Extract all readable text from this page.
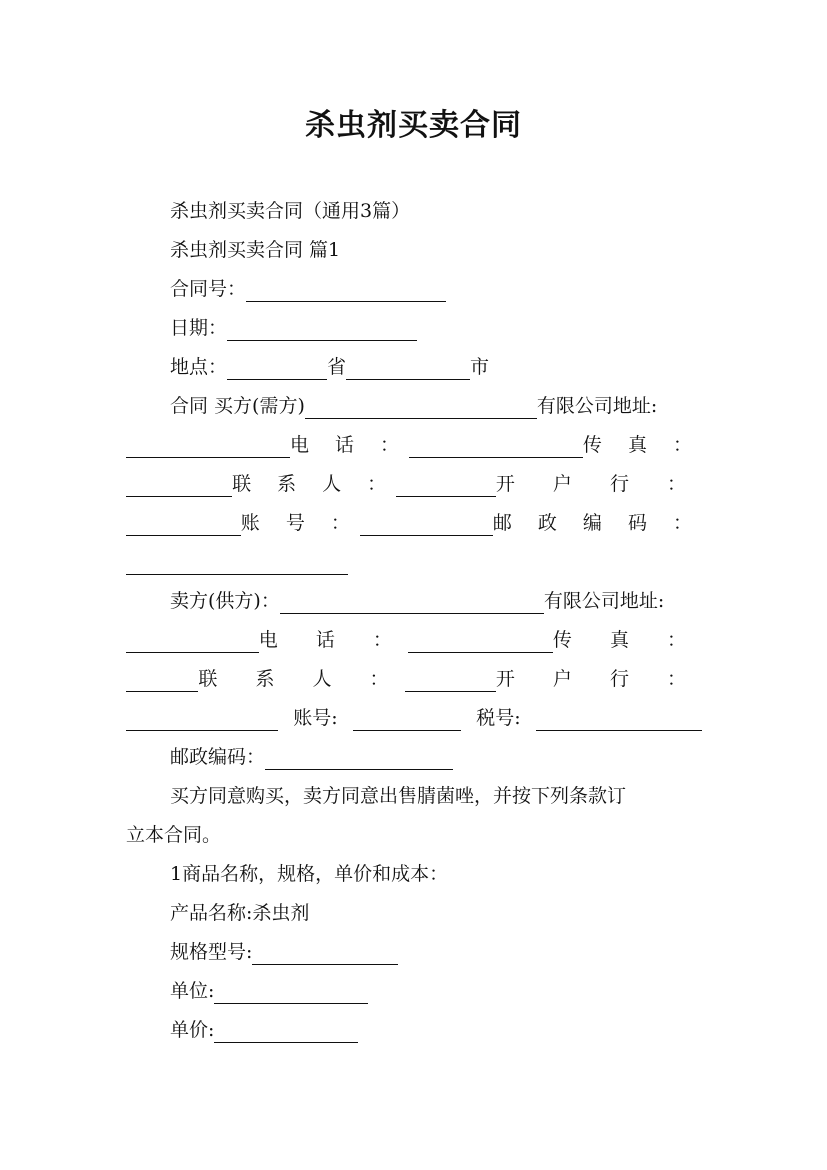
杀虫剂买卖合同
杀虫剂买卖合同（通用3篇）
杀虫剂买卖合同 篇1
合同号：
日期：
地点：	省	市
合同 买方(需方)	有限公司地址:
电 话 ：	传 真 ：
联 系 人 ：	开 户 行 ：
账 号 ：	邮 政 编 码 ：
卖方(供方)：	有限公司地址:
电 话 ：	传 真 ：
联 系 人 ：	开 户 行 ：
账号:	税号:
邮政编码：
买方同意购买，卖方同意出售腈菌唑，并按下列条款订
立本合同。
1商品名称，规格，单价和成本：
产品名称:杀虫剂
规格型号:
单位:
单价:
